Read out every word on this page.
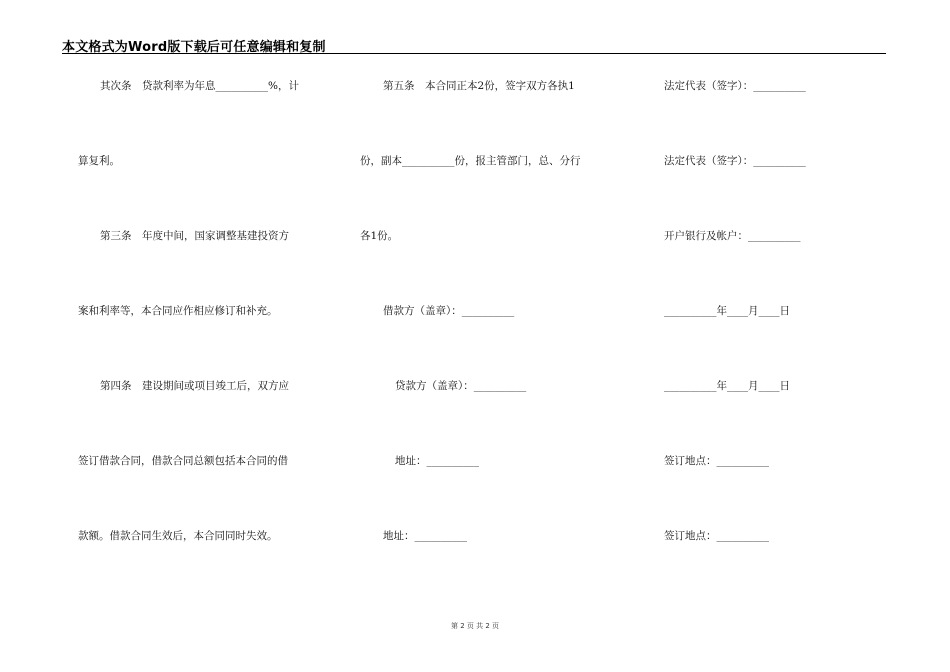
本文格式为Word版下载后可任意编辑和复制
其次条　贷款利率为年息__________%，计
算复利。
第三条　年度中间，国家调整基建投资方
案和利率等，本合同应作相应修订和补充。
第四条　建设期间或项目竣工后，双方应
签订借款合同，借款合同总额包括本合同的借
款额。借款合同生效后，本合同同时失效。
第五条　本合同正本2份，签字双方各执1
份，副本__________份，报主管部门，总、分行
各1份。
借款方（盖章）：__________
贷款方（盖章）：__________
地址：__________
地址：__________
法定代表（签字）：__________
法定代表（签字）：__________
开户银行及帐户：__________
__________年____月____日
__________年____月____日
签订地点：__________
签订地点：__________
第 2 页 共 2 页
